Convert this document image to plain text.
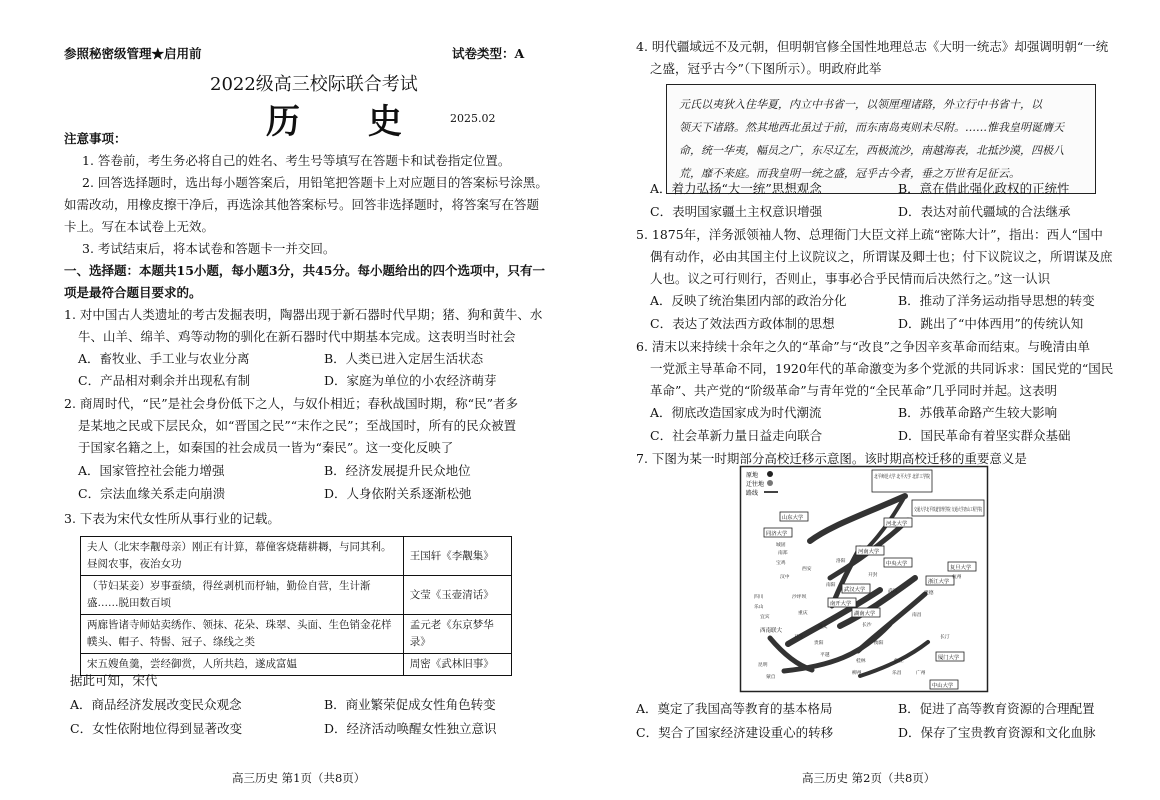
参照秘密级管理★启用前	试卷类型：A
2022级高三校际联合考试
历 史 2025.02
注意事项：
1. 答卷前，考生务必将自己的姓名、考生号等填写在答题卡和试卷指定位置。
2. 回答选择题时，选出每小题答案后，用铅笔把答题卡上对应题目的答案标号涂黑。
如需改动，用橡皮擦干净后，再选涂其他答案标号。回答非选择题时，将答案写在答题
卡上。写在本试卷上无效。
3. 考试结束后，将本试卷和答题卡一并交回。
一、选择题：本题共15小题，每小题3分，共45分。每小题给出的四个选项中，只有一
项是最符合题目要求的。
1. 对中国古人类遗址的考古发掘表明，陶器出现于新石器时代早期；猪、狗和黄牛、水
牛、山羊、绵羊、鸡等动物的驯化在新石器时代中期基本完成。这表明当时社会
A．畜牧业、手工业与农业分离	B．人类已进入定居生活状态
C．产品相对剩余并出现私有制	D．家庭为单位的小农经济萌芽
2. 商周时代，“民”是社会身份低下之人，与奴仆相近；春秋战国时期，称“民”者多
是某地之民或下层民众，如“晋国之民”“末作之民”；至战国时，所有的民众被置
于国家名籍之上，如秦国的社会成员一皆为“秦民”。这一变化反映了
A．国家管控社会能力增强	B．经济发展提升民众地位
C．宗法血缘关系走向崩溃	D．人身依附关系逐渐松弛
3. 下表为宋代女性所从事行业的记载。
夫人（北宋李觏母亲）刚正有计算，幕僮客烧藉耕耨，与同其利。昼阅农事，夜治女功	王国轩《李觏集》
（节妇某妾）岁事蚕绩，得丝剥机而杼轴，勤俭自营，生计渐盛……脱田数百顷	文莹《玉壶清话》
两廊皆诸寺师姑卖绣作、领抹、花朵、珠翠、头面、生色销金花样幞头、帽子、特髻、冠子、绦线之类	孟元老《东京梦华录》
宋五嫂鱼羹，尝经御赏，人所共趋，遂成富媪	周密《武林旧事》
据此可知，宋代
A．商品经济发展改变民众观念	B．商业繁荣促成女性角色转变
C．女性依附地位得到显著改变	D．经济活动唤醒女性独立意识
高三历史 第1页（共8页）
4. 明代疆域远不及元朝，但明朝官修全国性地理总志《大明一统志》却强调明朝“一统
之盛，冠乎古今”（下图所示）。明政府此举
元氏以夷狄入住华夏，内立中书省一，以领厘理诸路，外立行中书省十，以
领天下诸路。然其地西北虽过于前，而东南岛夷则未尽附。……惟我皇明诞膺天
命，统一华夷，幅员之广，东尽辽左，西极流沙，南越海表，北抵沙漠，四极八
荒，靡不来庭。而我皇明一统之盛，冠乎古今者，垂之万世有足征云。
A．着力弘扬“大一统”思想观念	B．意在借此强化政权的正统性
C．表明国家疆土主权意识增强	D．表达对前代疆域的合法继承
5. 1875年，洋务派领袖人物、总理衙门大臣文祥上疏“密陈大计”，指出：西人“国中
偶有动作，必由其国主付上议院议之，所谓谋及卿士也；付下议院议之，所谓谋及庶
人也。议之可行则行，否则止，事事必合乎民情而后决然行之。”这一认识
A．反映了统治集团内部的政治分化	B．推动了洋务运动指导思想的转变
C．表达了效法西方政体制的思想	D．跳出了“中体西用”的传统认知
6. 清末以来持续十余年之久的“革命”与“改良”之争因辛亥革命而结束。与晚清由单
一党派主导革命不同，1920年代的革命激变为多个党派的共同诉求：国民党的“国民
革命”、共产党的“阶级革命”与青年党的“全民革命”几乎同时并起。这表明
A．彻底改造国家成为时代潮流	B．苏俄革命路产生较大影响
C．社会革新力量日益走向联合	D．国民革命有着坚实群众基础
7. 下图为某一时期部分高校迁移示意图。该时期高校迁移的重要意义是
原地
迁往地
路线
北平师范大学 北平大学 北洋工学院
交通大学北平铁道管理学院 交通大学唐山工程学院
山东大学
河北大学
同济大学
河南大学
中央大学
复旦大学
浙江大学
武汉大学
湖南大学
中山大学
厦门大学
南开大学
西南联大
城固
西安
宝鸡
汉中
南郑
洛阳
开封
南阳
重庆
乐山
宜宾
昆明
蒙自
贵阳
遵义
平越
长沙
衡阳
桂林
柳州	广州
曲江
武汉
南昌
长汀
杭州
建德
乐昌
沙坪坝
马龙
四川
A．奠定了我国高等教育的基本格局	B．促进了高等教育资源的合理配置
C．契合了国家经济建设重心的转移	D．保存了宝贵教育资源和文化血脉
高三历史 第2页（共8页）
